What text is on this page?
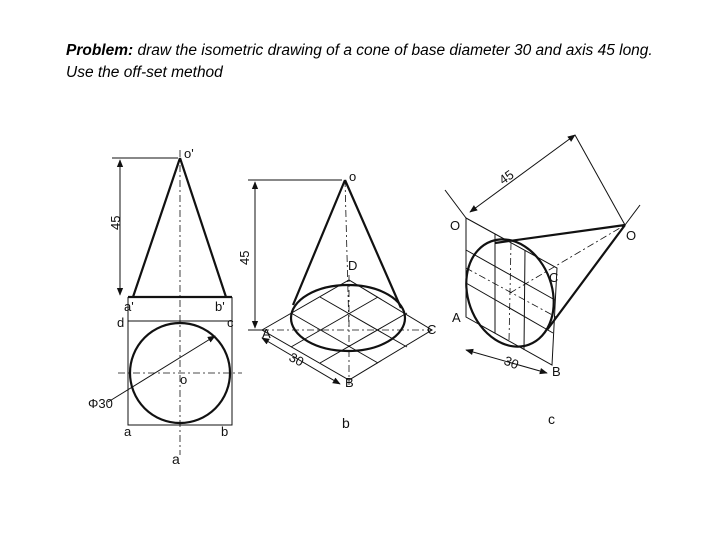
Problem: draw the isometric drawing of a cone of base diameter 30 and axis 45 long. Use the off-set method
45
o'
a'	b'
Φ30
d	c
a	b
o
a
45
30
o
A
B
C
D
b
45
30
O
O
A
B
C
c
